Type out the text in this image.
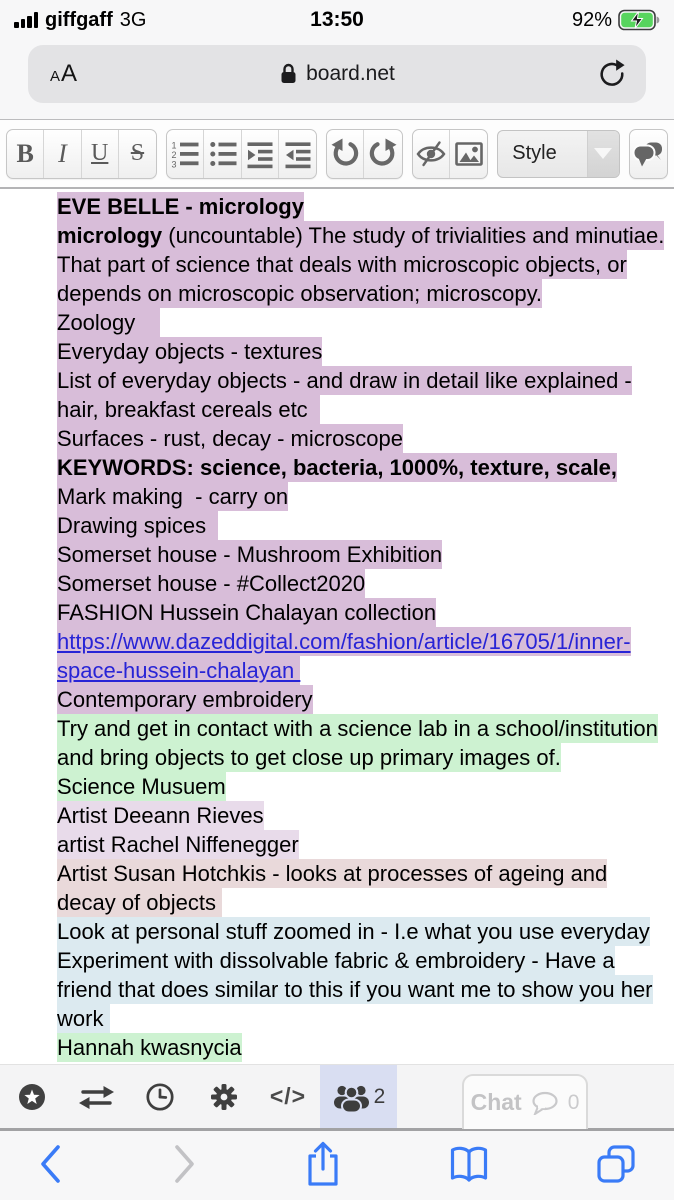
giffgaff 3G	13:50	92%
AA	board.net
B I U S	1
2
3	Style
EVE BELLE - micrology
micrology (uncountable) The study of trivialities and minutiae.
That part of science that deals with microscopic objects, or
depends on microscopic observation; microscopy.
Zoology
Everyday objects - textures
List of everyday objects - and draw in detail like explained -
hair, breakfast cereals etc
Surfaces - rust, decay - microscope
KEYWORDS: science, bacteria, 1000%, texture, scale,
Mark making  - carry on
Drawing spices
Somerset house - Mushroom Exhibition
Somerset house - #Collect2020
FASHION Hussein Chalayan collection
https://www.dazeddigital.com/fashion/article/16705/1/inner-
space-hussein-chalayan
Contemporary embroidery
Try and get in contact with a science lab in a school/institution
and bring objects to get close up primary images of.
Science Musuem
Artist Deeann Rieves
artist Rachel Niffenegger
Artist Susan Hotchkis - looks at processes of ageing and
decay of objects
Look at personal stuff zoomed in - I.e what you use everyday
Experiment with dissolvable fabric & embroidery - Have a
friend that does similar to this if you want me to show you her
work
Hannah kwasnycia
</>	2	Chat 0
